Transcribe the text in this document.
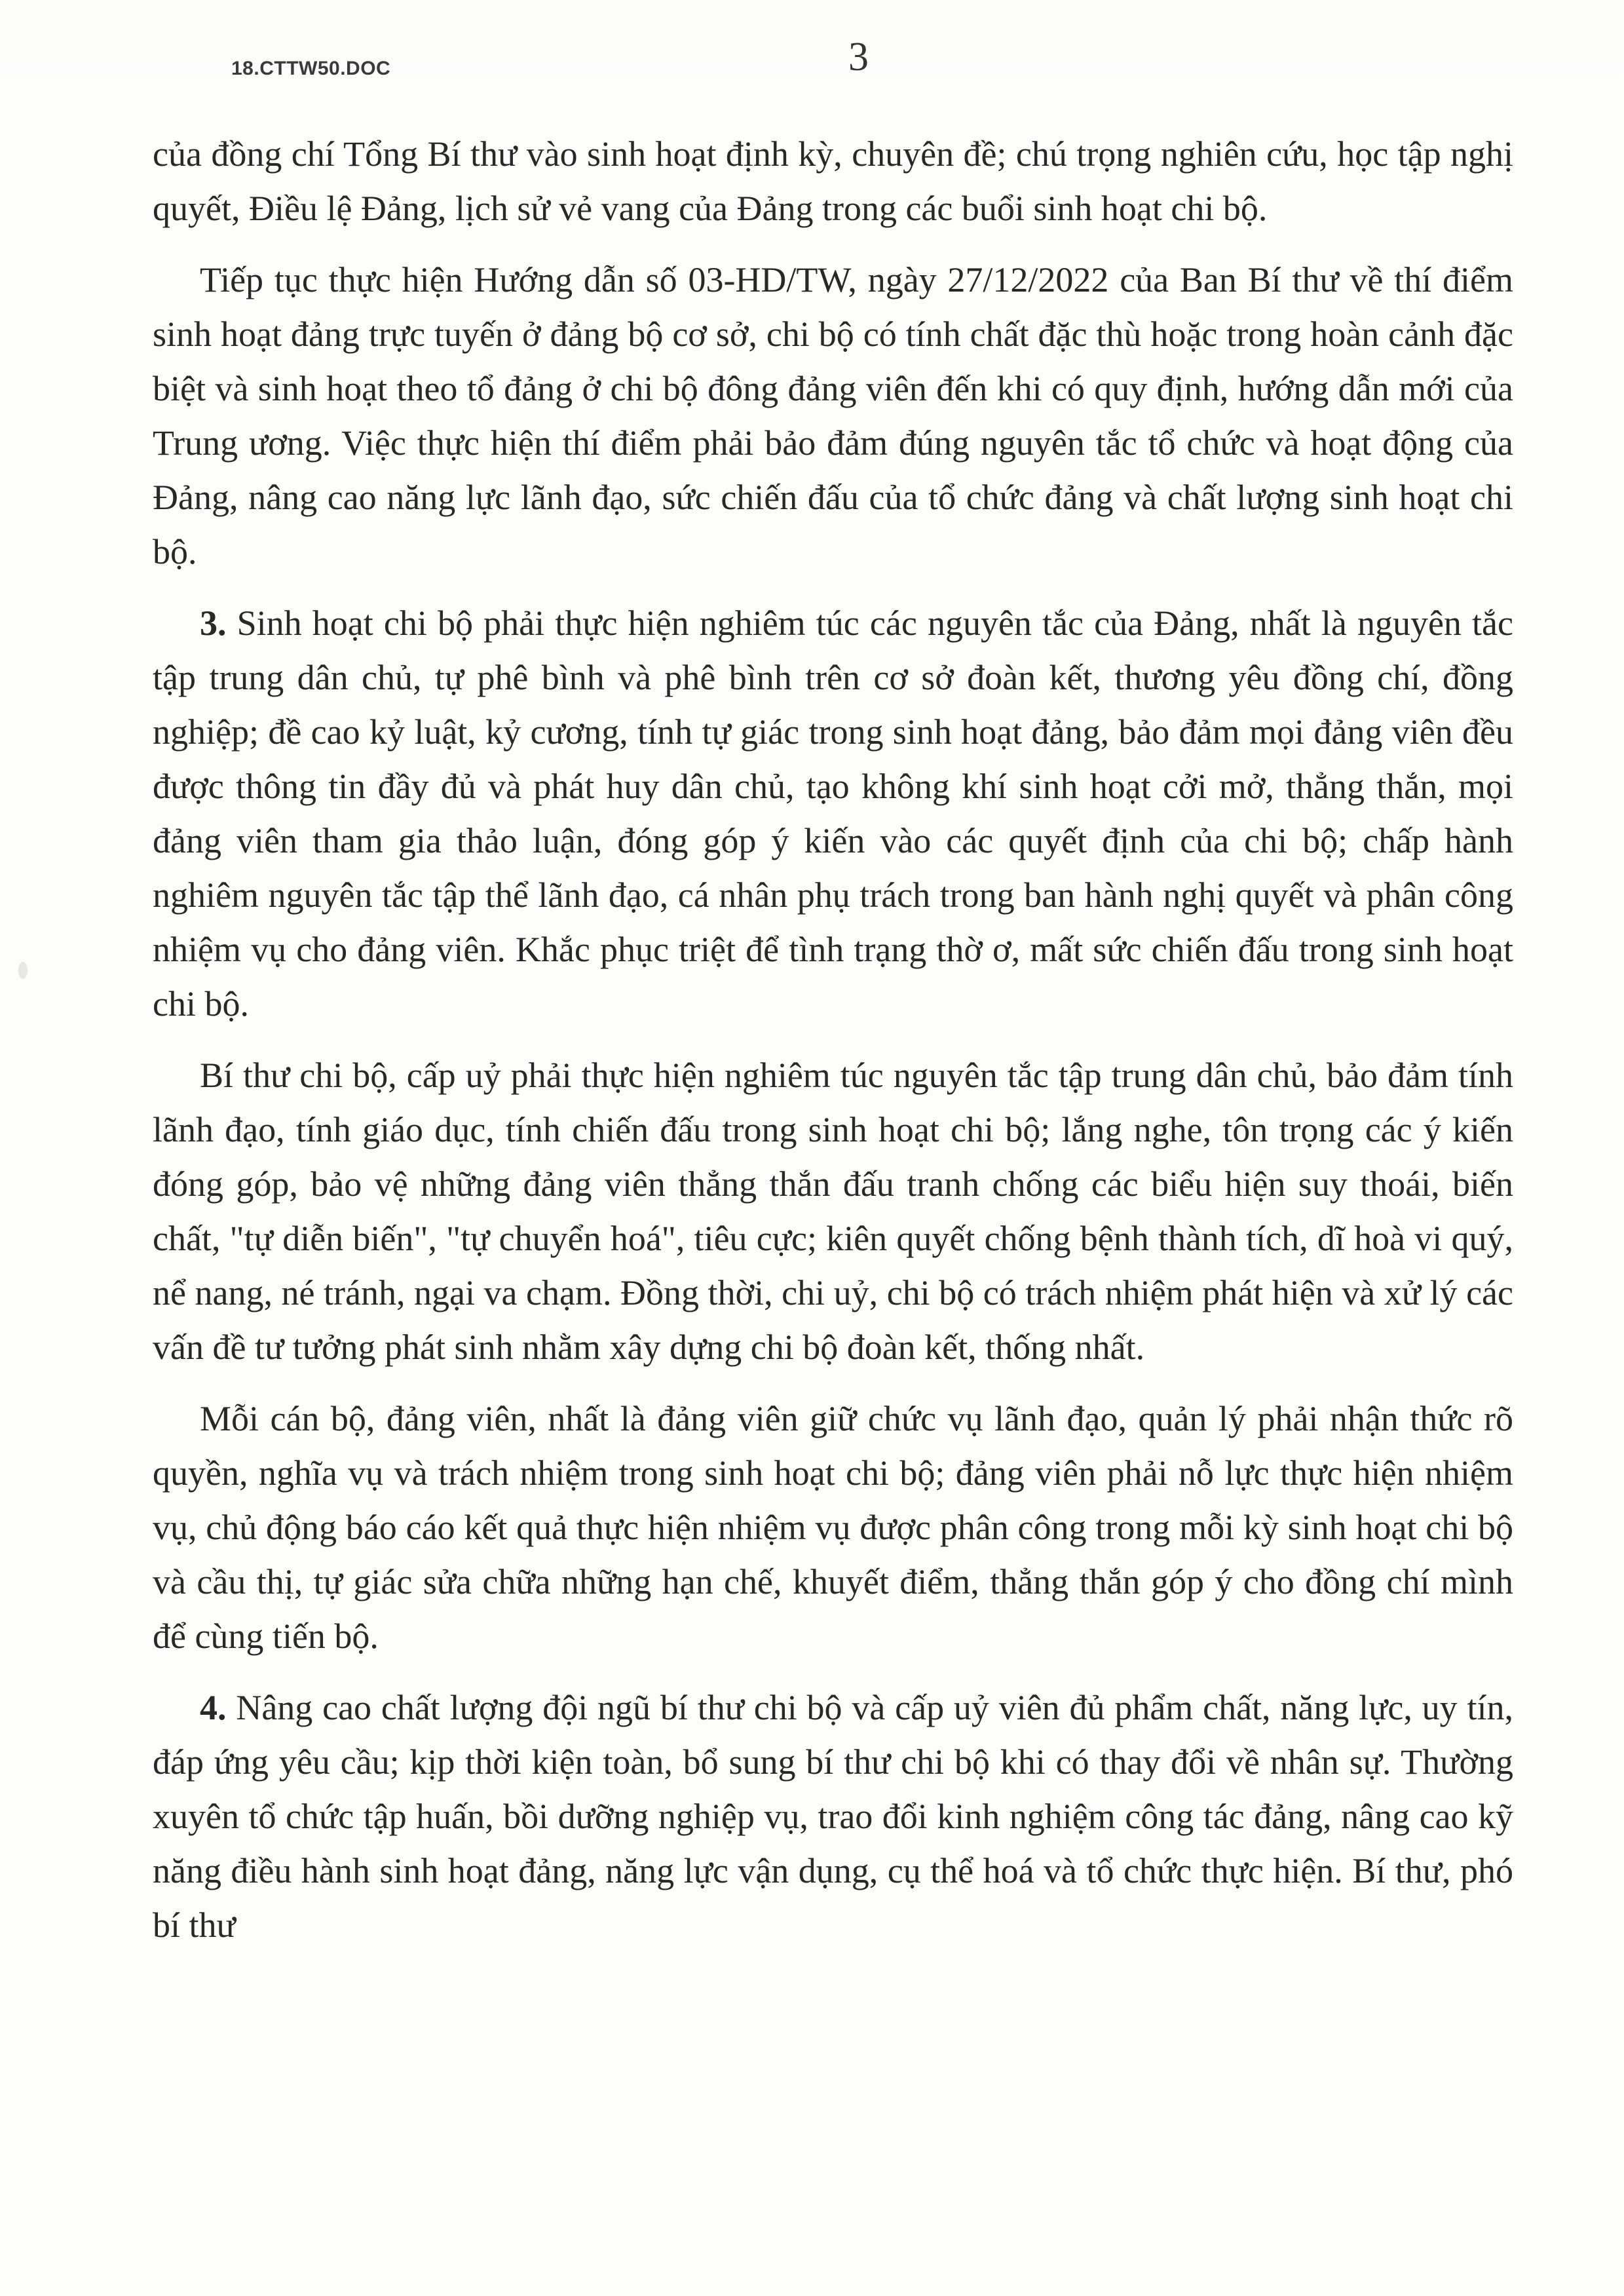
18.CTTW50.DOC	3

của đồng chí Tổng Bí thư vào sinh hoạt định kỳ, chuyên đề; chú trọng nghiên cứu, học tập nghị quyết, Điều lệ Đảng, lịch sử vẻ vang của Đảng trong các buổi sinh hoạt chi bộ.

Tiếp tục thực hiện Hướng dẫn số 03-HD/TW, ngày 27/12/2022 của Ban Bí thư về thí điểm sinh hoạt đảng trực tuyến ở đảng bộ cơ sở, chi bộ có tính chất đặc thù hoặc trong hoàn cảnh đặc biệt và sinh hoạt theo tổ đảng ở chi bộ đông đảng viên đến khi có quy định, hướng dẫn mới của Trung ương. Việc thực hiện thí điểm phải bảo đảm đúng nguyên tắc tổ chức và hoạt động của Đảng, nâng cao năng lực lãnh đạo, sức chiến đấu của tổ chức đảng và chất lượng sinh hoạt chi bộ.

3. Sinh hoạt chi bộ phải thực hiện nghiêm túc các nguyên tắc của Đảng, nhất là nguyên tắc tập trung dân chủ, tự phê bình và phê bình trên cơ sở đoàn kết, thương yêu đồng chí, đồng nghiệp; đề cao kỷ luật, kỷ cương, tính tự giác trong sinh hoạt đảng, bảo đảm mọi đảng viên đều được thông tin đầy đủ và phát huy dân chủ, tạo không khí sinh hoạt cởi mở, thẳng thắn, mọi đảng viên tham gia thảo luận, đóng góp ý kiến vào các quyết định của chi bộ; chấp hành nghiêm nguyên tắc tập thể lãnh đạo, cá nhân phụ trách trong ban hành nghị quyết và phân công nhiệm vụ cho đảng viên. Khắc phục triệt để tình trạng thờ ơ, mất sức chiến đấu trong sinh hoạt chi bộ.

Bí thư chi bộ, cấp uỷ phải thực hiện nghiêm túc nguyên tắc tập trung dân chủ, bảo đảm tính lãnh đạo, tính giáo dục, tính chiến đấu trong sinh hoạt chi bộ; lắng nghe, tôn trọng các ý kiến đóng góp, bảo vệ những đảng viên thẳng thắn đấu tranh chống các biểu hiện suy thoái, biến chất, "tự diễn biến", "tự chuyển hoá", tiêu cực; kiên quyết chống bệnh thành tích, dĩ hoà vi quý, nể nang, né tránh, ngại va chạm. Đồng thời, chi uỷ, chi bộ có trách nhiệm phát hiện và xử lý các vấn đề tư tưởng phát sinh nhằm xây dựng chi bộ đoàn kết, thống nhất.

Mỗi cán bộ, đảng viên, nhất là đảng viên giữ chức vụ lãnh đạo, quản lý phải nhận thức rõ quyền, nghĩa vụ và trách nhiệm trong sinh hoạt chi bộ; đảng viên phải nỗ lực thực hiện nhiệm vụ, chủ động báo cáo kết quả thực hiện nhiệm vụ được phân công trong mỗi kỳ sinh hoạt chi bộ và cầu thị, tự giác sửa chữa những hạn chế, khuyết điểm, thẳng thắn góp ý cho đồng chí mình để cùng tiến bộ.

4. Nâng cao chất lượng đội ngũ bí thư chi bộ và cấp uỷ viên đủ phẩm chất, năng lực, uy tín, đáp ứng yêu cầu; kịp thời kiện toàn, bổ sung bí thư chi bộ khi có thay đổi về nhân sự. Thường xuyên tổ chức tập huấn, bồi dưỡng nghiệp vụ, trao đổi kinh nghiệm công tác đảng, nâng cao kỹ năng điều hành sinh hoạt đảng, năng lực vận dụng, cụ thể hoá và tổ chức thực hiện. Bí thư, phó bí thư
